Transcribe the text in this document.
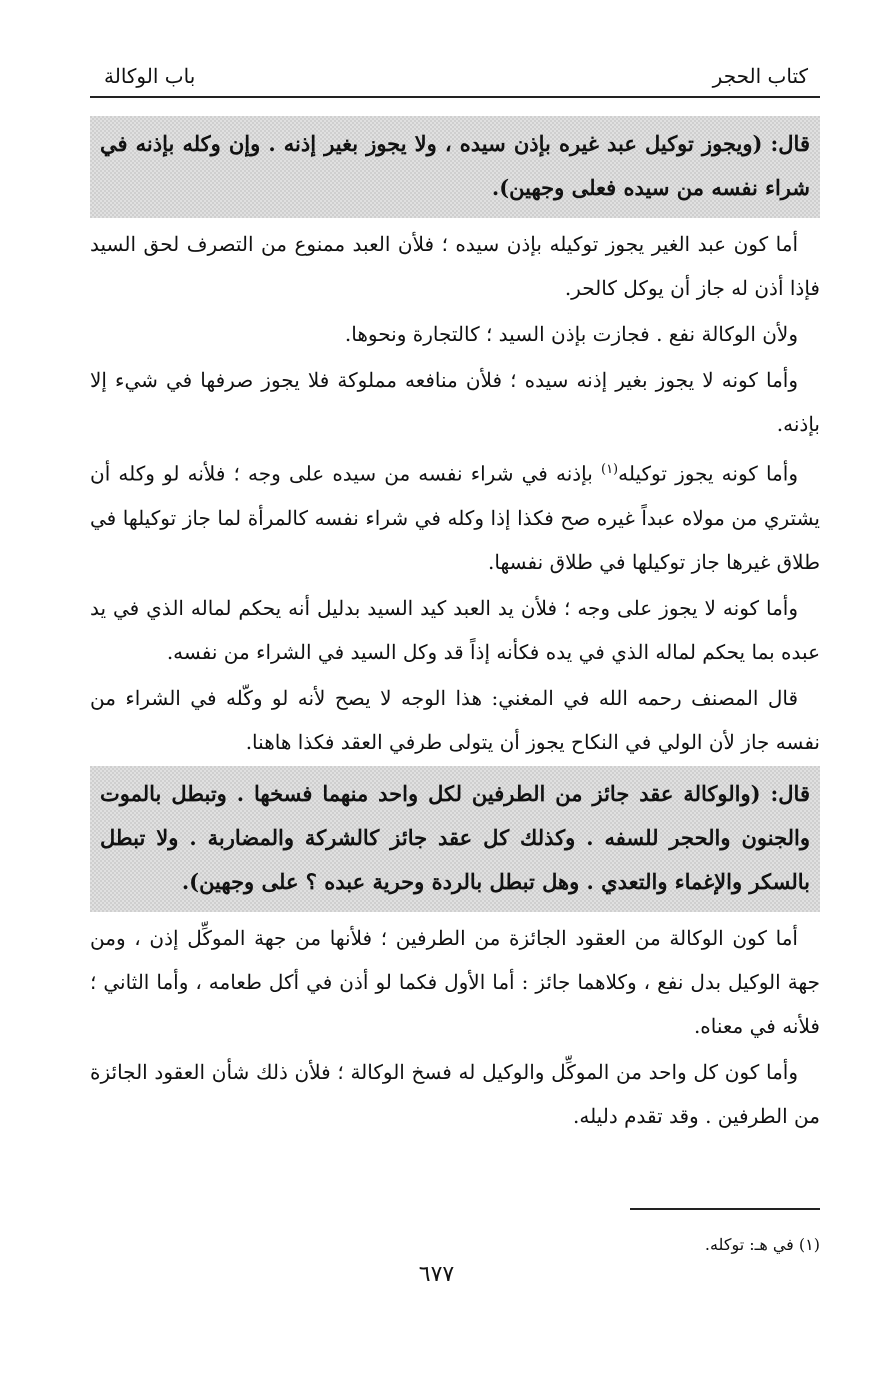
كتاب الحجر
باب الوكالة

قال: (ويجوز توكيل عبد غيره بإذن سيده ، ولا يجوز بغير إذنه . وإن وكله بإذنه في شراء نفسه من سيده فعلى وجهين).

أما كون عبد الغير يجوز توكيله بإذن سيده ؛ فلأن العبد ممنوع من التصرف لحق السيد فإذا أذن له جاز أن يوكل كالحر.

ولأن الوكالة نفع . فجازت بإذن السيد ؛ كالتجارة ونحوها.

وأما كونه لا يجوز بغير إذنه سيده ؛ فلأن منافعه مملوكة فلا يجوز صرفها في شيء إلا بإذنه.

وأما كونه يجوز توكيله$^{(١)}$ بإذنه في شراء نفسه من سيده على وجه ؛ فلأنه لو وكله أن يشتري من مولاه عبداً غيره صح فكذا إذا وكله في شراء نفسه كالمرأة لما جاز توكيلها في طلاق غيرها جاز توكيلها في طلاق نفسها.

وأما كونه لا يجوز على وجه ؛ فلأن يد العبد كيد السيد بدليل أنه يحكم لماله الذي في يد عبده بما يحكم لماله الذي في يده فكأنه إذاً قد وكل السيد في الشراء من نفسه.

قال المصنف رحمه الله في المغني: هذا الوجه لا يصح لأنه لو وكّله في الشراء من نفسه جاز لأن الولي في النكاح يجوز أن يتولى طرفي العقد فكذا هاهنا.

قال: (والوكالة عقد جائز من الطرفين لكل واحد منهما فسخها . وتبطل بالموت والجنون والحجر للسفه . وكذلك كل عقد جائز كالشركة والمضاربة . ولا تبطل بالسكر والإغماء والتعدي . وهل تبطل بالردة وحرية عبده ؟ على وجهين).

أما كون الوكالة من العقود الجائزة من الطرفين ؛ فلأنها من جهة الموكِّل إذن ، ومن جهة الوكيل بدل نفع ، وكلاهما جائز : أما الأول فكما لو أذن في أكل طعامه ، وأما الثاني ؛ فلأنه في معناه.

وأما كون كل واحد من الموكِّل والوكيل له فسخ الوكالة ؛ فلأن ذلك شأن العقود الجائزة من الطرفين . وقد تقدم دليله.

(١) في هـ: توكله.
٦٧٧
